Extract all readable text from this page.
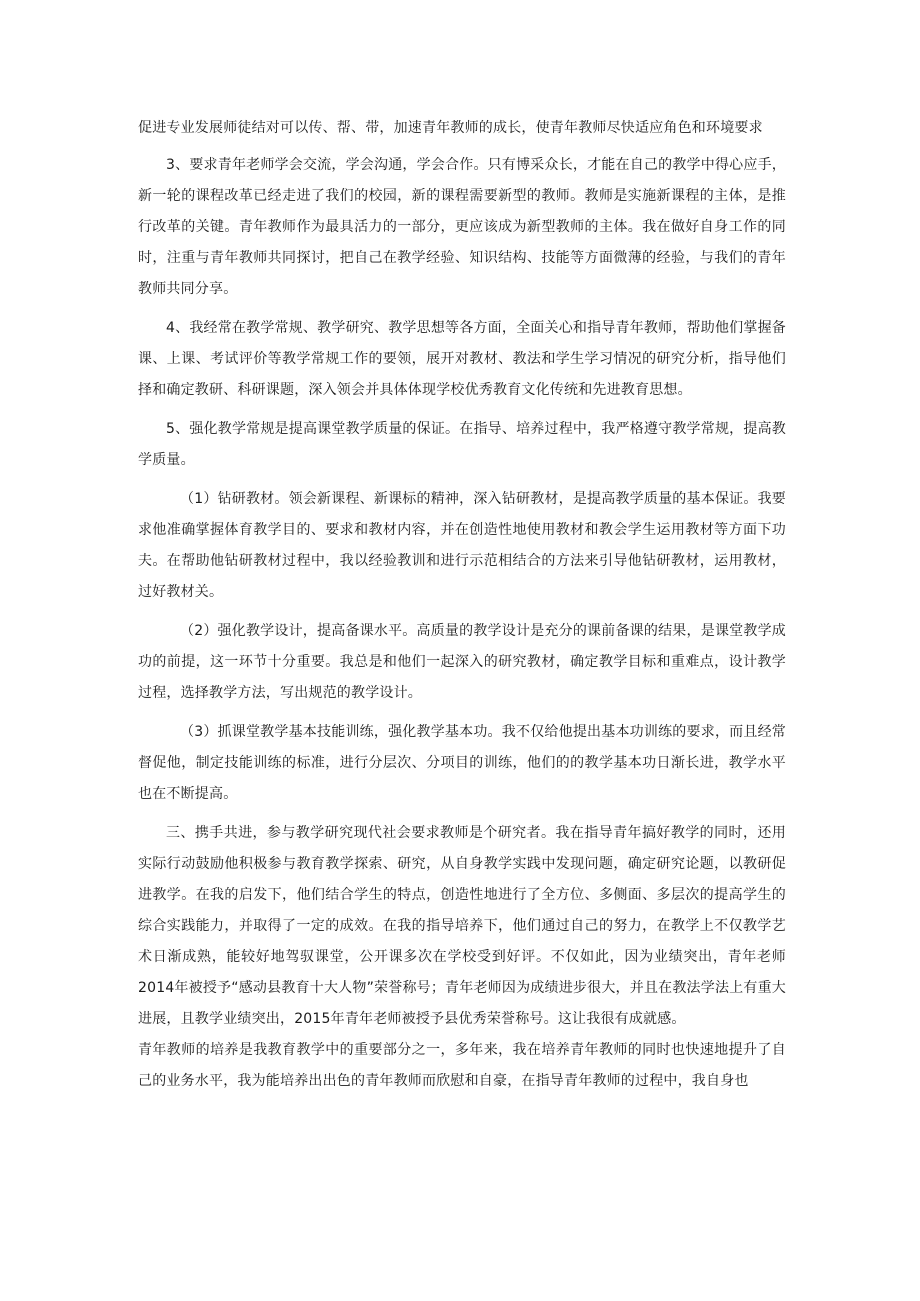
促进专业发展师徒结对可以传、帮、带，加速青年教师的成长，使青年教师尽快适应角色和环境要求

3、要求青年老师学会交流，学会沟通，学会合作。只有博采众长，才能在自己的教学中得心应手，新一轮的课程改革已经走进了我们的校园，新的课程需要新型的教师。教师是实施新课程的主体，是推行改革的关键。青年教师作为最具活力的一部分，更应该成为新型教师的主体。我在做好自身工作的同时，注重与青年教师共同探讨，把自己在教学经验、知识结构、技能等方面微薄的经验，与我们的青年教师共同分享。

4、我经常在教学常规、教学研究、教学思想等各方面，全面关心和指导青年教师，帮助他们掌握备课、上课、考试评价等教学常规工作的要领，展开对教材、教法和学生学习情况的研究分析，指导他们择和确定教研、科研课题，深入领会并具体体现学校优秀教育文化传统和先进教育思想。

5、强化教学常规是提高课堂教学质量的保证。在指导、培养过程中，我严格遵守教学常规，提高教学质量。

（1）钻研教材。领会新课程、新课标的精神，深入钻研教材，是提高教学质量的基本保证。我要求他准确掌握体育教学目的、要求和教材内容，并在创造性地使用教材和教会学生运用教材等方面下功夫。在帮助他钻研教材过程中，我以经验教训和进行示范相结合的方法来引导他钻研教材，运用教材，过好教材关。

（2）强化教学设计，提高备课水平。高质量的教学设计是充分的课前备课的结果，是课堂教学成功的前提，这一环节十分重要。我总是和他们一起深入的研究教材，确定教学目标和重难点，设计教学过程，选择教学方法，写出规范的教学设计。

（3）抓课堂教学基本技能训练，强化教学基本功。我不仅给他提出基本功训练的要求，而且经常督促他，制定技能训练的标准，进行分层次、分项目的训练，他们的的教学基本功日渐长进，教学水平也在不断提高。

三、携手共进，参与教学研究现代社会要求教师是个研究者。我在指导青年搞好教学的同时，还用实际行动鼓励他积极参与教育教学探索、研究，从自身教学实践中发现问题，确定研究论题，以教研促进教学。在我的启发下，他们结合学生的特点，创造性地进行了全方位、多侧面、多层次的提高学生的综合实践能力，并取得了一定的成效。在我的指导培养下，他们通过自己的努力，在教学上不仅教学艺术日渐成熟，能较好地驾驭课堂，公开课多次在学校受到好评。不仅如此，因为业绩突出，青年老师2014年被授予“感动县教育十大人物”荣誉称号；青年老师因为成绩进步很大，并且在教法学法上有重大进展，且教学业绩突出，2015年青年老师被授予县优秀荣誉称号。这让我很有成就感。

青年教师的培养是我教育教学中的重要部分之一，多年来，我在培养青年教师的同时也快速地提升了自己的业务水平，我为能培养出出色的青年教师而欣慰和自豪，在指导青年教师的过程中，我自身也
